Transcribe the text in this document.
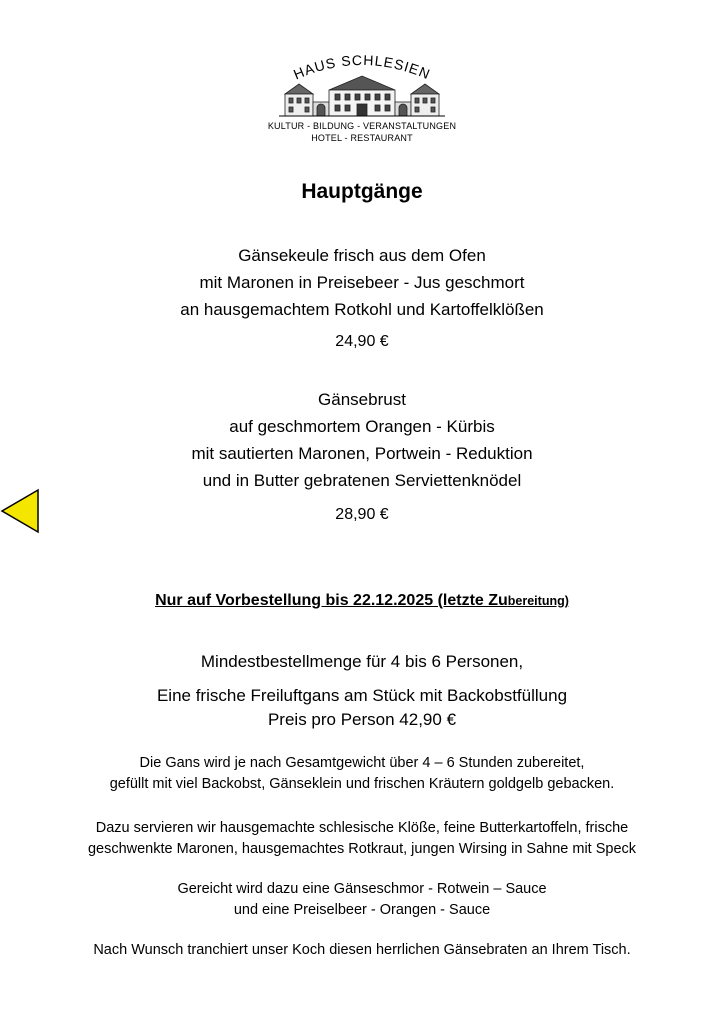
HAUS SCHLESIEN
KULTUR - BILDUNG - VERANSTALTUNGEN
HOTEL - RESTAURANT
Hauptgänge
Gänsekeule frisch aus dem Ofen
mit Maronen in Preisebeer - Jus geschmort
an hausgemachtem Rotkohl und Kartoffelklößen
24,90 €
Gänsebrust
auf geschmortem Orangen - Kürbis
mit sautierten Maronen, Portwein - Reduktion
und in Butter gebratenen Serviettenknödel
28,90 €
Nur auf Vorbestellung bis 22.12.2025 (letzte Zubereitung)
Mindestbestellmenge für 4 bis 6 Personen,
Eine frische Freiluftgans am Stück mit Backobstfüllung
Preis pro Person 42,90 €
Die Gans wird je nach Gesamtgewicht über 4 – 6 Stunden zubereitet,
gefüllt mit viel Backobst, Gänseklein und frischen Kräutern goldgelb gebacken.
Dazu servieren wir hausgemachte schlesische Klöße, feine Butterkartoffeln, frische
geschwenkte Maronen, hausgemachtes Rotkraut, jungen Wirsing in Sahne mit Speck
Gereicht wird dazu eine Gänseschmor - Rotwein – Sauce
und eine Preiselbeer - Orangen - Sauce
Nach Wunsch tranchiert unser Koch diesen herrlichen Gänsebraten an Ihrem Tisch.
